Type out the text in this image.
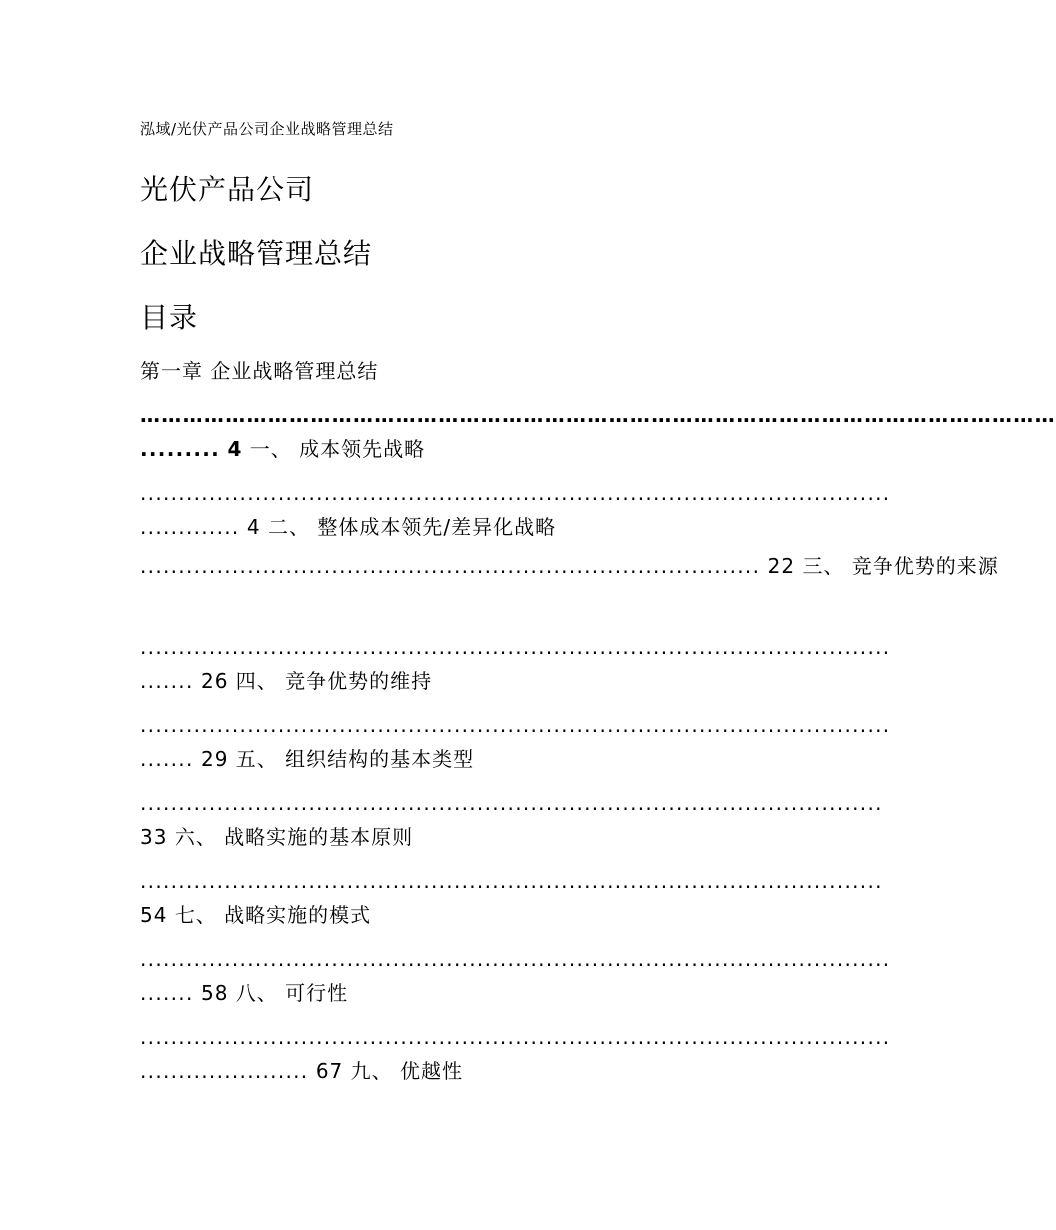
泓域/光伏产品公司企业战略管理总结
光伏产品公司
企业战略管理总结
目录
第一章 企业战略管理总结
…………………………………………………………………………………………………………………
......... 4 一、 成本领先战略
..................................................................................................
............. 4 二、 整体成本领先/差异化战略
................................................................................. 22 三、 竞争优势的来源
..................................................................................................
....... 26 四、 竞争优势的维持
..................................................................................................
....... 29 五、 组织结构的基本类型
.................................................................................................
33 六、 战略实施的基本原则
.................................................................................................
54 七、 战略实施的模式
..................................................................................................
....... 58 八、 可行性
..................................................................................................
...................... 67 九、 优越性
